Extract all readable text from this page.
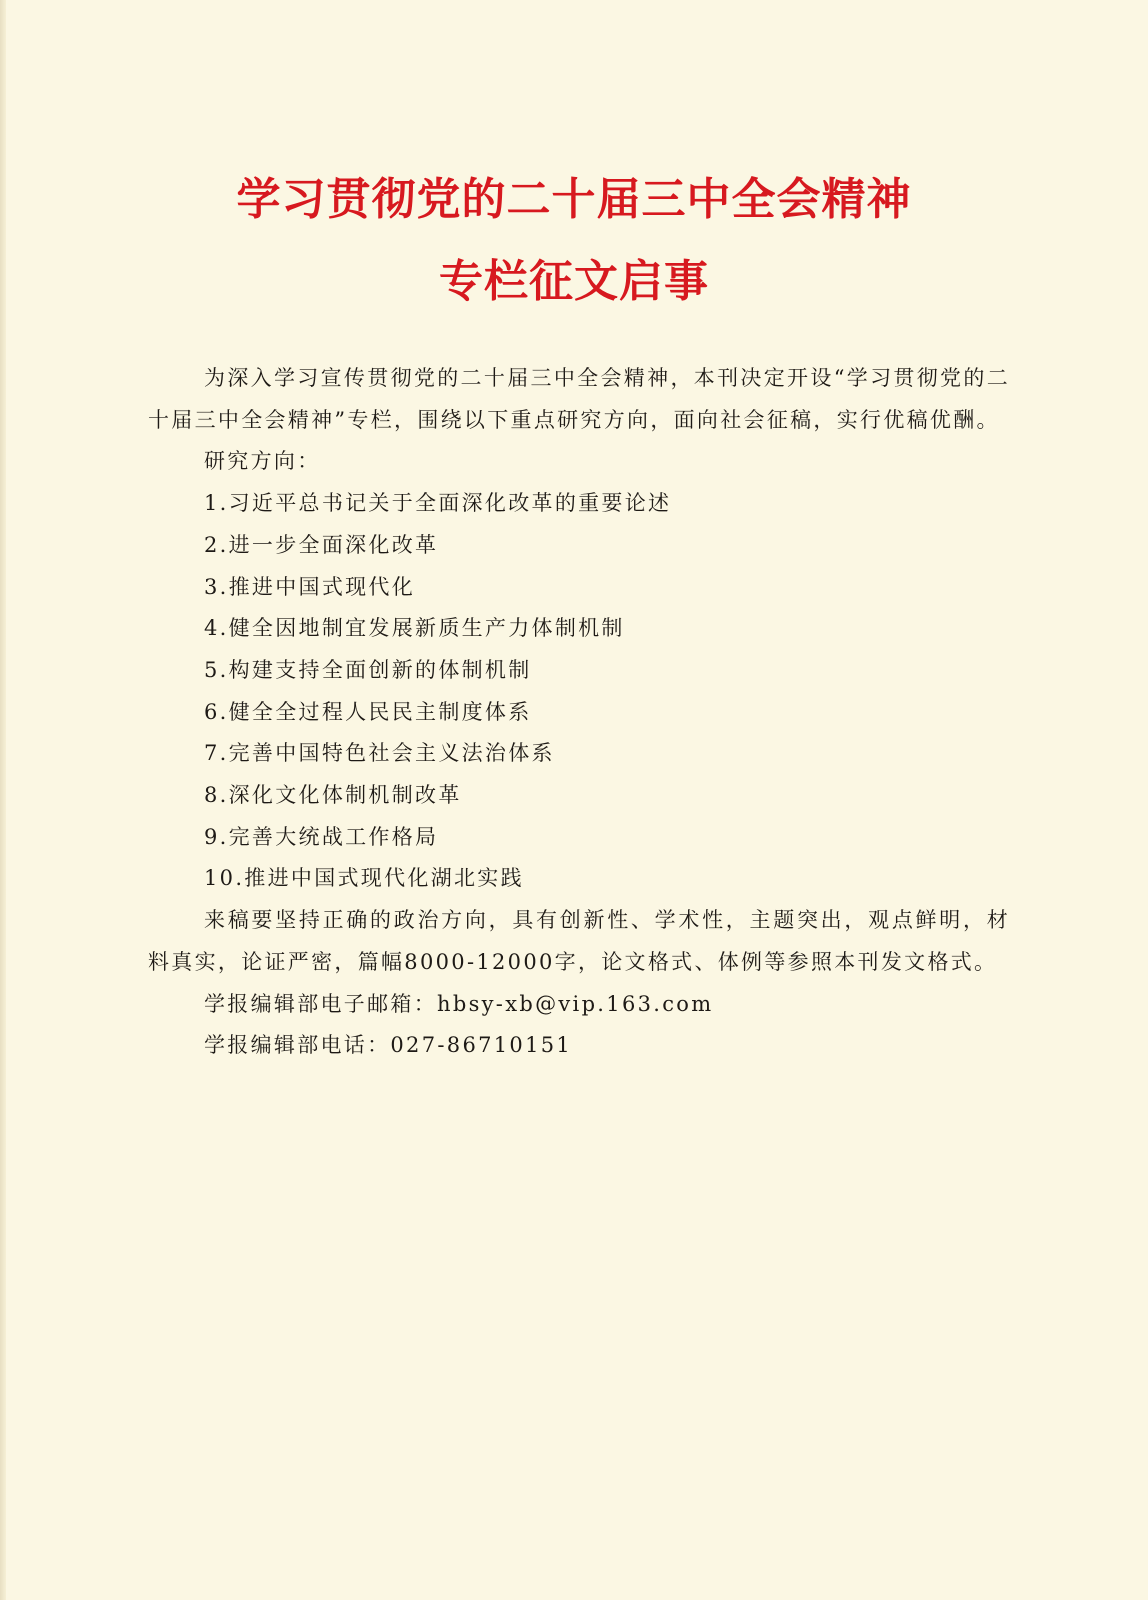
学习贯彻党的二十届三中全会精神
专栏征文启事

为深入学习宣传贯彻党的二十届三中全会精神，本刊决定开设“学习贯彻党的二十届三中全会精神”专栏，围绕以下重点研究方向，面向社会征稿，实行优稿优酬。

研究方向：

1.习近平总书记关于全面深化改革的重要论述

2.进一步全面深化改革

3.推进中国式现代化

4.健全因地制宜发展新质生产力体制机制

5.构建支持全面创新的体制机制

6.健全全过程人民民主制度体系

7.完善中国特色社会主义法治体系

8.深化文化体制机制改革

9.完善大统战工作格局

10.推进中国式现代化湖北实践

来稿要坚持正确的政治方向，具有创新性、学术性，主题突出，观点鲜明，材料真实，论证严密，篇幅8000-12000字，论文格式、体例等参照本刊发文格式。

学报编辑部电子邮箱：hbsy-xb@vip.163.com

学报编辑部电话：027-86710151
